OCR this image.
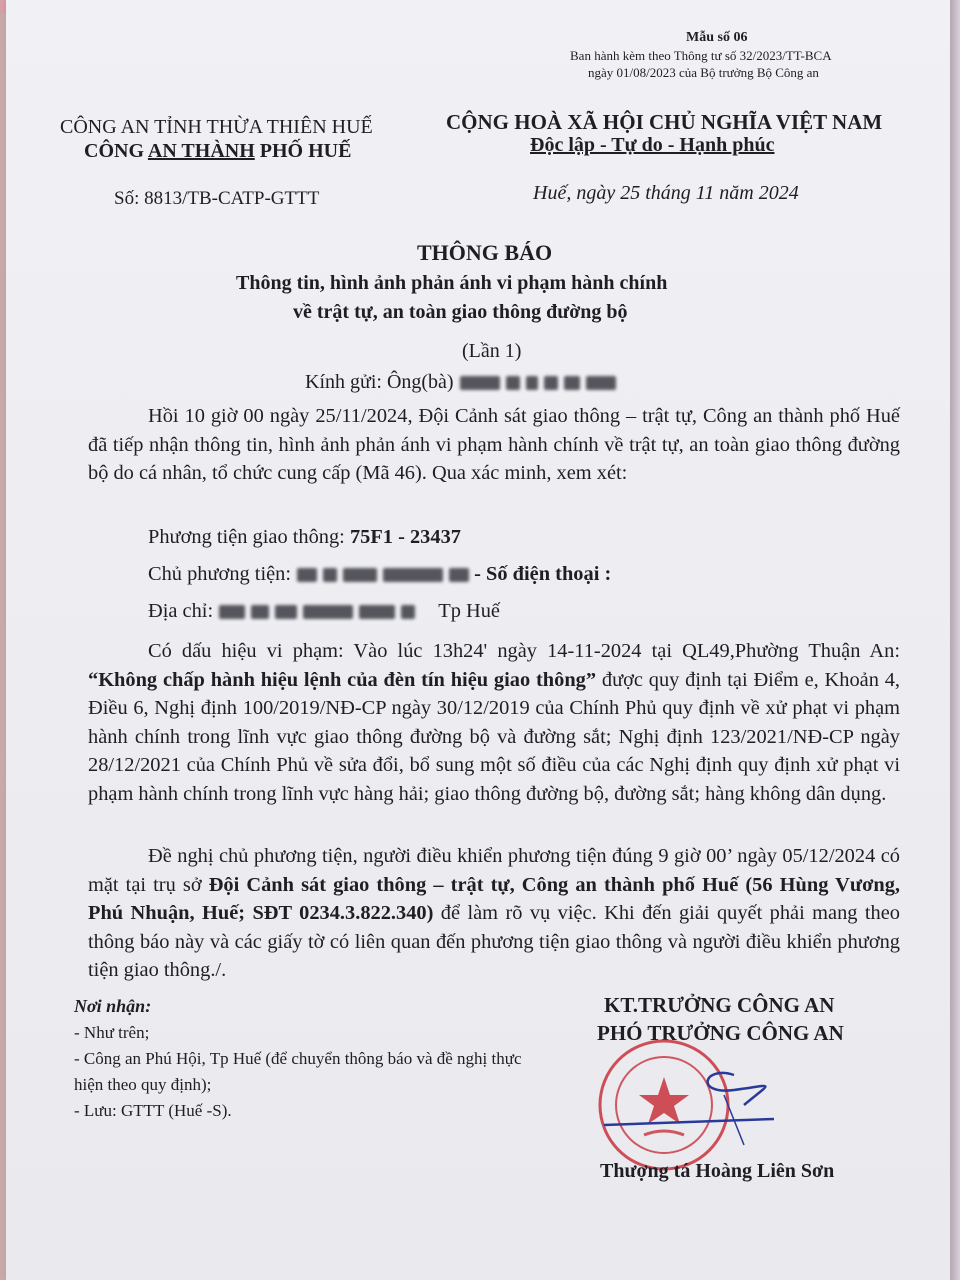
Mẫu số 06
Ban hành kèm theo Thông tư số 32/2023/TT-BCA
ngày 01/08/2023 của Bộ trưởng Bộ Công an
CÔNG AN TỈNH THỪA THIÊN HUẾ
CÔNG AN THÀNH PHỐ HUẾ
CỘNG HOÀ XÃ HỘI CHỦ NGHĨA VIỆT NAM
Độc lập - Tự do - Hạnh phúc
Số: 8813/TB-CATP-GTTT	Huế, ngày 25 tháng 11 năm 2024
THÔNG BÁO
Thông tin, hình ảnh phản ánh vi phạm hành chính
về trật tự, an toàn giao thông đường bộ
(Lần 1)
Kính gửi: Ông(bà)
Hồi 10 giờ 00 ngày 25/11/2024, Đội Cảnh sát giao thông – trật tự, Công an thành phố Huế đã tiếp nhận thông tin, hình ảnh phản ánh vi phạm hành chính về trật tự, an toàn giao thông đường bộ do cá nhân, tổ chức cung cấp (Mã 46). Qua xác minh, xem xét:
Phương tiện giao thông: 75F1 - 23437
Chủ phương tiện:	- Số điện thoại :
Địa chỉ:	Tp Huế
Có dấu hiệu vi phạm: Vào lúc 13h24' ngày 14-11-2024 tại QL49,Phường Thuận An: “Không chấp hành hiệu lệnh của đèn tín hiệu giao thông” được quy định tại Điểm e, Khoản 4, Điều 6, Nghị định 100/2019/NĐ-CP ngày 30/12/2019 của Chính Phủ quy định về xử phạt vi phạm hành chính trong lĩnh vực giao thông đường bộ và đường sắt; Nghị định 123/2021/NĐ-CP ngày 28/12/2021 của Chính Phủ về sửa đổi, bổ sung một số điều của các Nghị định quy định xử phạt vi phạm hành chính trong lĩnh vực hàng hải; giao thông đường bộ, đường sắt; hàng không dân dụng.
Đề nghị chủ phương tiện, người điều khiển phương tiện đúng 9 giờ 00’ ngày 05/12/2024 có mặt tại trụ sở Đội Cảnh sát giao thông – trật tự, Công an thành phố Huế (56 Hùng Vương, Phú Nhuận, Huế; SĐT 0234.3.822.340) để làm rõ vụ việc. Khi đến giải quyết phải mang theo thông báo này và các giấy tờ có liên quan đến phương tiện giao thông và người điều khiển phương tiện giao thông./.
Nơi nhận:
- Như trên;
- Công an Phú Hội, Tp Huế (để chuyển thông báo và đề nghị thực hiện theo quy định);
- Lưu: GTTT (Huế -S).
KT.TRƯỞNG CÔNG AN
PHÓ TRƯỞNG CÔNG AN
Thượng tá Hoàng Liên Sơn
